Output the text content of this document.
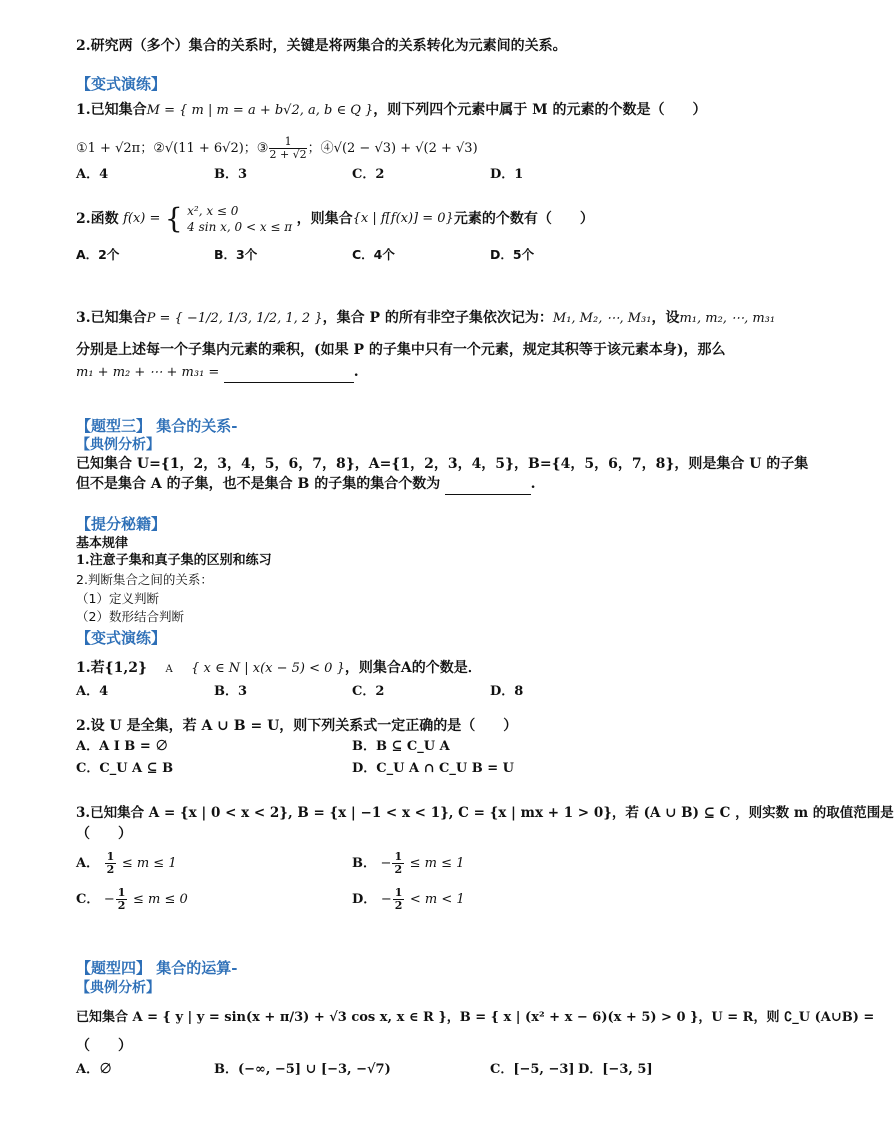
2.研究两（多个）集合的关系时，关键是将两集合的关系转化为元素间的关系。
【变式演练】
1.已知集合M = { m | m = a + b√2, a, b ∈ Q }，则下列四个元素中属于 M 的元素的个数是（　　）
①1 + √2π；②√(11 + 6√2)；③ $\frac{1}{2 + √2}$ ；④√(2 − √3) + √(2 + √3)
A．4	B．3	C．2	D．1
2.函数 f(x) = { x², x ≤ 0
4 sin x, 0 < x ≤ π ，则集合{x | f[f(x)] = 0}元素的个数有（　　）
A．2个	B．3个	C．4个	D．5个
3.已知集合P = { −1/2, 1/3, 1/2, 1, 2 }，集合 P 的所有非空子集依次记为：M₁, M₂, ⋯, M₃₁，设m₁, m₂, ⋯, m₃₁
分别是上述每一个子集内元素的乘积，(如果 P 的子集中只有一个元素，规定其积等于该元素本身)，那么
m₁ + m₂ + ⋯ + m₃₁ =	.
【题型三】 集合的关系-
【典例分析】
已知集合 U={1，2，3，4，5，6，7，8}，A={1，2，3，4，5}，B={4，5，6，7，8}，则是集合 U 的子集
但不是集合 A 的子集，也不是集合 B 的子集的集合个数为	.
【提分秘籍】
基本规律
1.注意子集和真子集的区别和练习
2.判断集合之间的关系：
（1）定义判断
（2）数形结合判断
【变式演练】
1.若{1,2} A { x ∈ N | x(x − 5) < 0 }，则集合A的个数是．
A．4	B．3	C．2	D．8
2.设 U 是全集，若 A ∪ B = U，则下列关系式一定正确的是（　　）
A．A I B = ∅	B．B ⊆ C_U A
C．C_U A ⊆ B	D．C_U A ∩ C_U B = U
3.已知集合 A = {x | 0 < x < 2}, B = {x | −1 < x < 1}, C = {x | mx + 1 > 0}，若 (A ∪ B) ⊆ C ，则实数 m 的取值范围是
（　　）
A． $\frac{1}{2} \le m \le 1$	B． − $\frac{1}{2} \le m \le 1$
C． − $\frac{1}{2} \le m \le 0$	D． − $\frac{1}{2} < m < 1$
【题型四】 集合的运算-
【典例分析】
已知集合 A = { y | y = sin(x + π/3) + √3 cos x, x ∈ R }，B = { x | (x² + x − 6)(x + 5) > 0 }，U = R，则 ∁_U (A∪B) =
（　　）
A．∅	B．(−∞, −5] ∪ [−3, −√7)	C．[−5, −3] D．[−3, 5]
